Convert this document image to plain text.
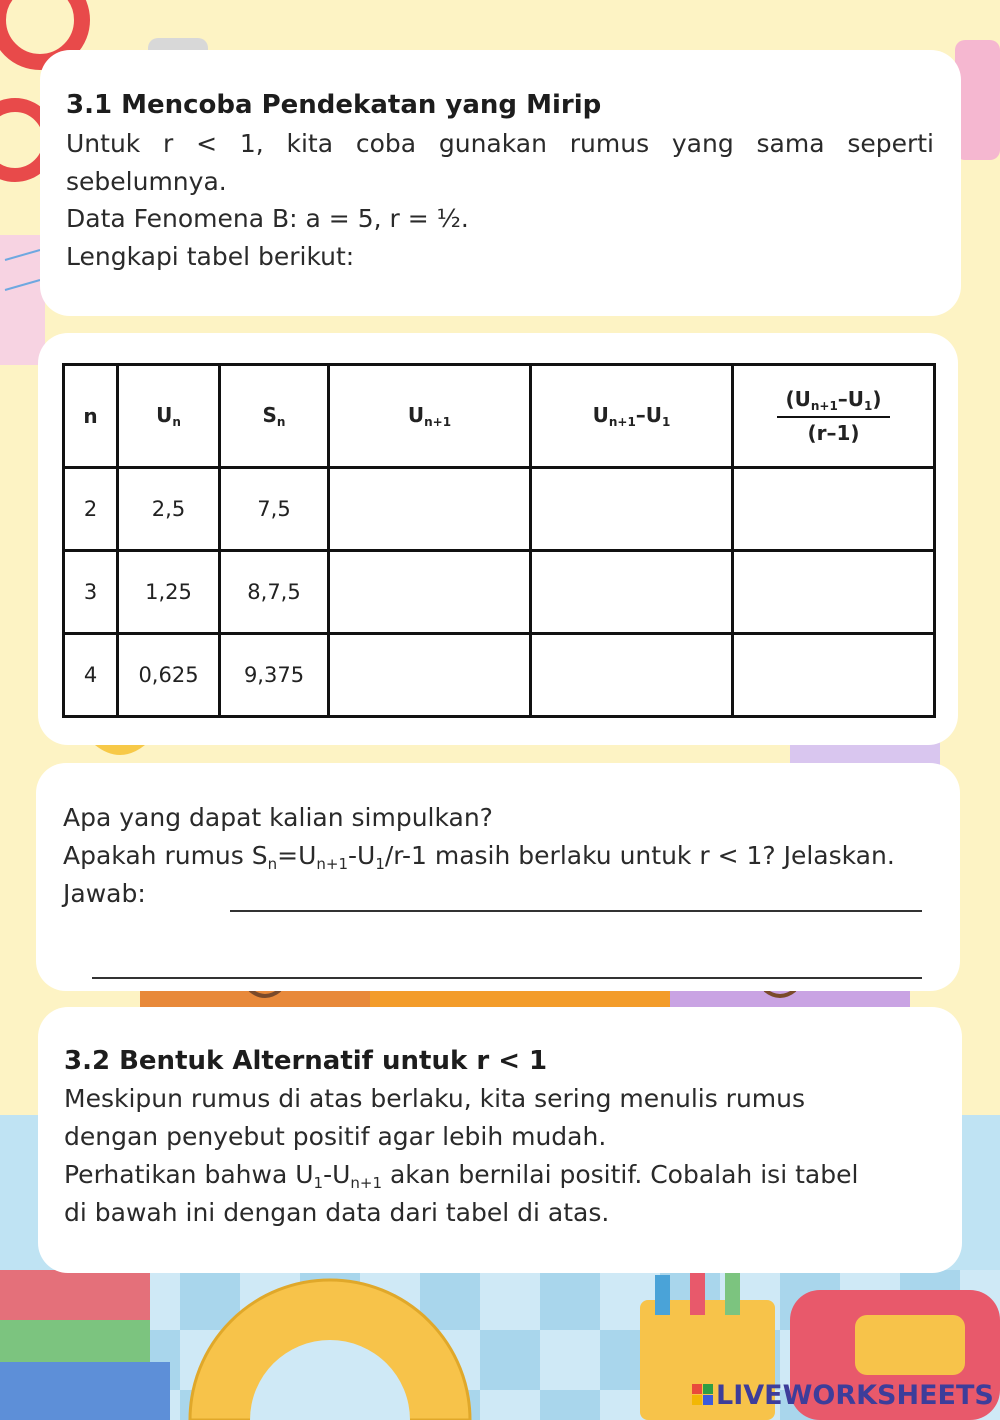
3.1 Mencoba Pendekatan yang Mirip
Untuk r < 1, kita coba gunakan rumus yang sama seperti sebelumnya.
Data Fenomena B: a = 5, r = ½.
Lengkapi tabel berikut:
n	$U_n$	$S_n$	$U_{n+1}$	$U_{n+1}-U_1$	$\frac{(U_{n+1}-U_1)}{(r-1)}$

2	2,5	7,5			
3	1,25	8,7,5			
4	0,625	9,375			
Apa yang dapat kalian simpulkan?
Apakah rumus $S_n=U_{n+1}-U_1/r-1$ masih berlaku untuk r < 1? Jelaskan.
Jawab:
3.2 Bentuk Alternatif untuk r < 1
Meskipun rumus di atas berlaku, kita sering menulis rumus
dengan penyebut positif agar lebih mudah.
Perhatikan bahwa $U_1-U_{n+1}$ akan bernilai positif. Cobalah isi tabel
di bawah ini dengan data dari tabel di atas.
LIVEWORKSHEETS
